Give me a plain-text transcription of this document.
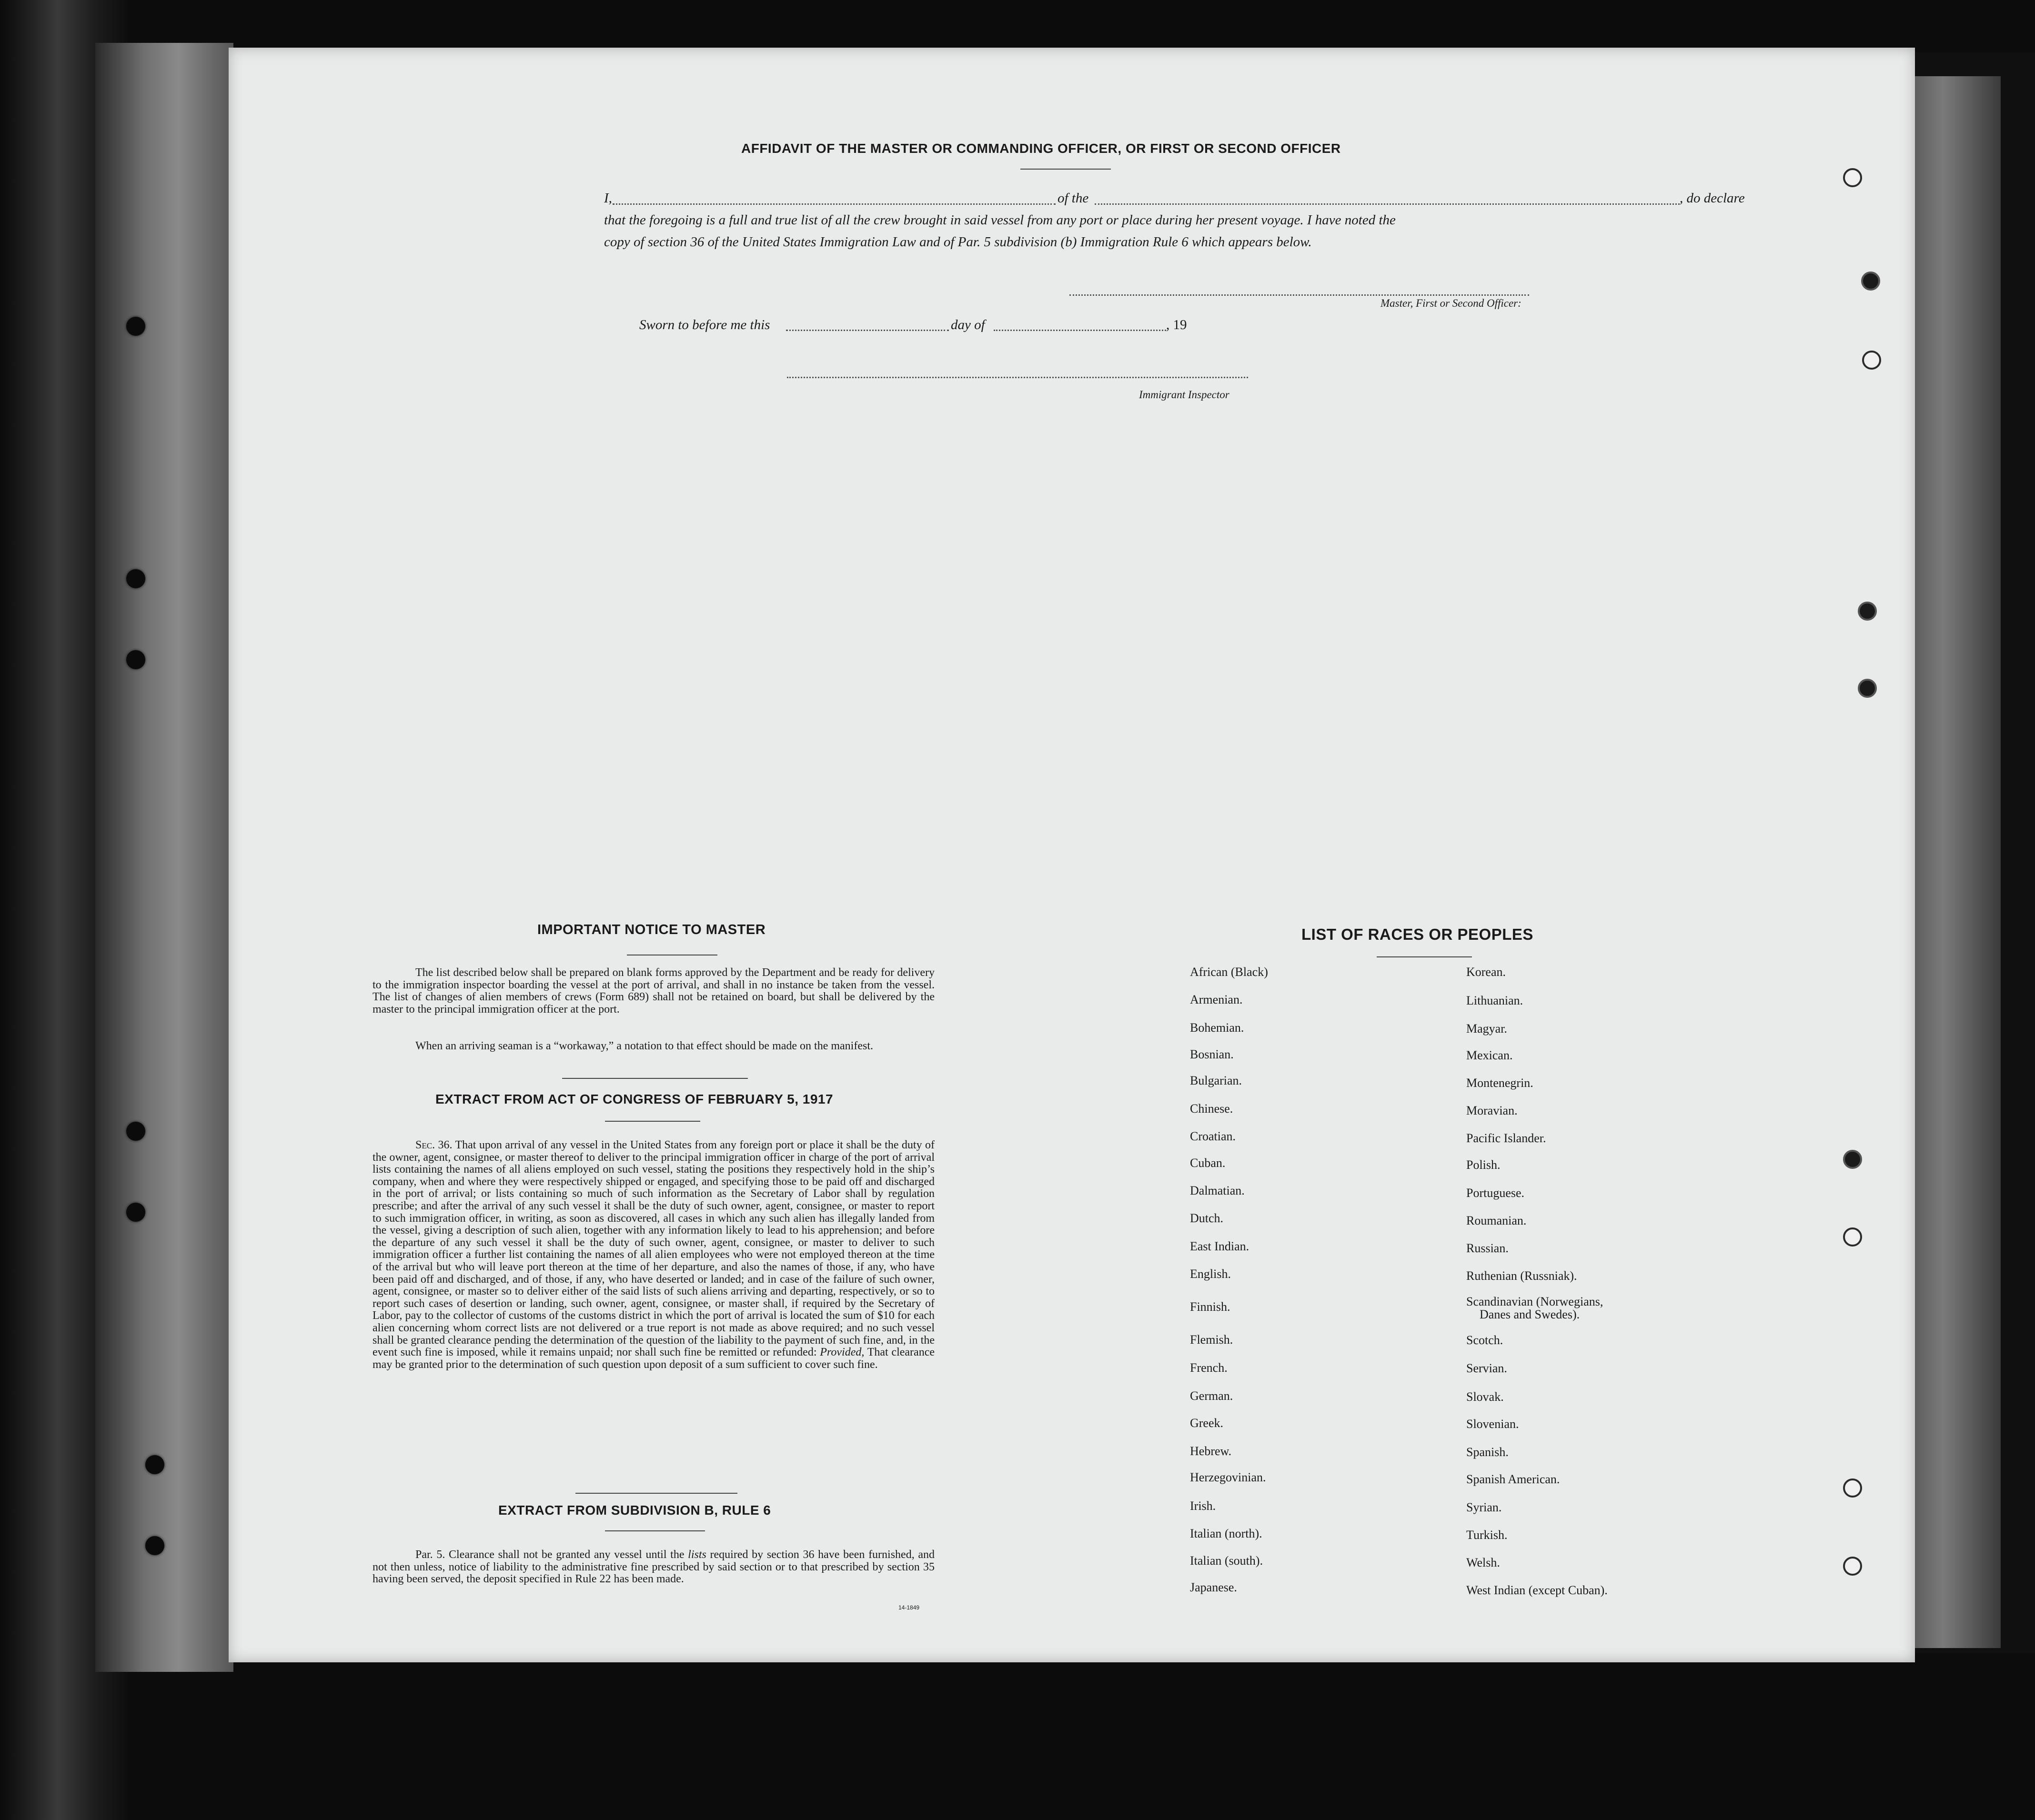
AFFIDAVIT OF THE MASTER OR COMMANDING OFFICER, OR FIRST OR SECOND OFFICER
I,	of the	, do declare
that the foregoing is a full and true list of all the crew brought in said vessel from any port or place during her present voyage. I have noted the
copy of section 36 of the United States Immigration Law and of Par. 5 subdivision (b) Immigration Rule 6 which appears below.
Master, First or Second Officer:
Sworn to before me this	day of	, 19
Immigrant Inspector
IMPORTANT NOTICE TO MASTER
The list described below shall be prepared on blank forms approved by the Department and be ready for delivery to the immigration inspector boarding the vessel at the port of arrival, and shall in no instance be taken from the vessel. The list of changes of alien members of crews (Form 689) shall not be retained on board, but shall be delivered by the master to the principal immigration officer at the port.
When an arriving seaman is a “workaway,” a notation to that effect should be made on the manifest.
EXTRACT FROM ACT OF CONGRESS OF FEBRUARY 5, 1917
Sec. 36. That upon arrival of any vessel in the United States from any foreign port or place it shall be the duty of the owner, agent, consignee, or master thereof to deliver to the principal immigration officer in charge of the port of arrival lists containing the names of all aliens employed on such vessel, stating the positions they respectively hold in the ship’s company, when and where they were respectively shipped or engaged, and specifying those to be paid off and discharged in the port of arrival; or lists containing so much of such information as the Secretary of Labor shall by regulation prescribe; and after the arrival of any such vessel it shall be the duty of such owner, agent, consignee, or master to report to such immigration officer, in writing, as soon as discovered, all cases in which any such alien has illegally landed from the vessel, giving a description of such alien, together with any information likely to lead to his apprehension; and before the departure of any such vessel it shall be the duty of such owner, agent, consignee, or master to deliver to such immigration officer a further list containing the names of all alien employees who were not employed thereon at the time of the arrival but who will leave port thereon at the time of her departure, and also the names of those, if any, who have been paid off and discharged, and of those, if any, who have deserted or landed; and in case of the failure of such owner, agent, consignee, or master so to deliver either of the said lists of such aliens arriving and departing, respectively, or so to report such cases of desertion or landing, such owner, agent, consignee, or master shall, if required by the Secretary of Labor, pay to the collector of customs of the customs district in which the port of arrival is located the sum of $10 for each alien concerning whom correct lists are not delivered or a true report is not made as above required; and no such vessel shall be granted clearance pending the determination of the question of the liability to the payment of such fine, and, in the event such fine is imposed, while it remains unpaid; nor shall such fine be remitted or refunded: Provided, That clearance may be granted prior to the determination of such question upon deposit of a sum sufficient to cover such fine.
EXTRACT FROM SUBDIVISION B, RULE 6
Par. 5. Clearance shall not be granted any vessel until the lists required by section 36 have been furnished, and not then unless, notice of liability to the administrative fine prescribed by said section or to that prescribed by section 35 having been served, the deposit specified in Rule 22 has been made.
14-1849
LIST OF RACES OR PEOPLES
African (Black)
Armenian.
Bohemian.
Bosnian.
Bulgarian.
Chinese.
Croatian.
Cuban.
Dalmatian.
Dutch.
East Indian.
English.
Finnish.
Flemish.
French.
German.
Greek.
Hebrew.
Herzegovinian.
Irish.
Italian (north).
Italian (south).
Japanese.
Korean.
Lithuanian.
Magyar.
Mexican.
Montenegrin.
Moravian.
Pacific Islander.
Polish.
Portuguese.
Roumanian.
Russian.
Ruthenian (Russniak).
Scandinavian (Norwegians,
Danes and Swedes).
Scotch.
Servian.
Slovak.
Slovenian.
Spanish.
Spanish American.
Syrian.
Turkish.
Welsh.
West Indian (except Cuban).
